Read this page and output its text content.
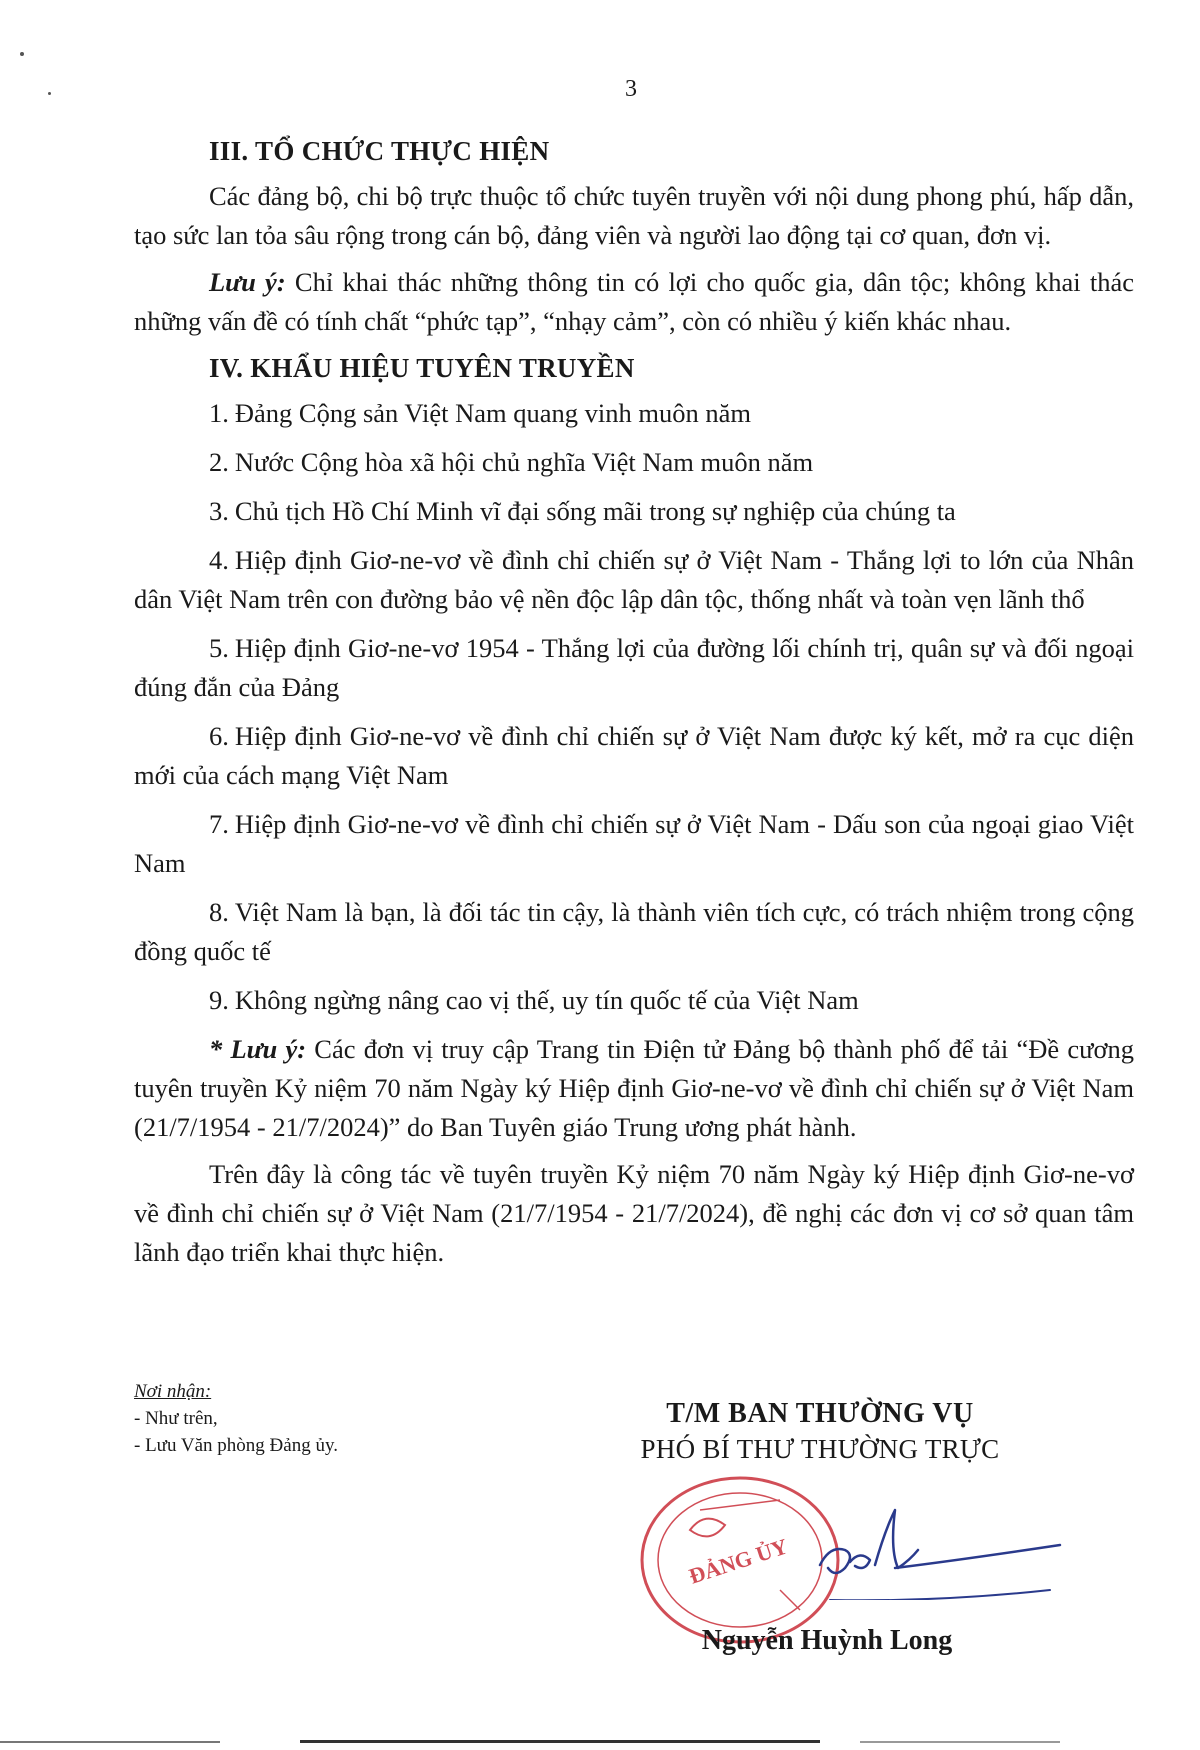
3
III. TỔ CHỨC THỰC HIỆN

Các đảng bộ, chi bộ trực thuộc tổ chức tuyên truyền với nội dung phong phú, hấp dẫn, tạo sức lan tỏa sâu rộng trong cán bộ, đảng viên và người lao động tại cơ quan, đơn vị.

Lưu ý: Chỉ khai thác những thông tin có lợi cho quốc gia, dân tộc; không khai thác những vấn đề có tính chất “phức tạp”, “nhạy cảm”, còn có nhiều ý kiến khác nhau.

IV. KHẨU HIỆU TUYÊN TRUYỀN
1. Đảng Cộng sản Việt Nam quang vinh muôn năm
2. Nước Cộng hòa xã hội chủ nghĩa Việt Nam muôn năm
3. Chủ tịch Hồ Chí Minh vĩ đại sống mãi trong sự nghiệp của chúng ta
4. Hiệp định Giơ-ne-vơ về đình chỉ chiến sự ở Việt Nam - Thắng lợi to lớn của Nhân dân Việt Nam trên con đường bảo vệ nền độc lập dân tộc, thống nhất và toàn vẹn lãnh thổ
5. Hiệp định Giơ-ne-vơ 1954 - Thắng lợi của đường lối chính trị, quân sự và đối ngoại đúng đắn của Đảng
6. Hiệp định Giơ-ne-vơ về đình chỉ chiến sự ở Việt Nam được ký kết, mở ra cục diện mới của cách mạng Việt Nam
7. Hiệp định Giơ-ne-vơ về đình chỉ chiến sự ở Việt Nam - Dấu son của ngoại giao Việt Nam
8. Việt Nam là bạn, là đối tác tin cậy, là thành viên tích cực, có trách nhiệm trong cộng đồng quốc tế
9. Không ngừng nâng cao vị thế, uy tín quốc tế của Việt Nam

* Lưu ý: Các đơn vị truy cập Trang tin Điện tử Đảng bộ thành phố để tải “Đề cương tuyên truyền Kỷ niệm 70 năm Ngày ký Hiệp định Giơ-ne-vơ về đình chỉ chiến sự ở Việt Nam (21/7/1954 - 21/7/2024)” do Ban Tuyên giáo Trung ương phát hành.

Trên đây là công tác về tuyên truyền Kỷ niệm 70 năm Ngày ký Hiệp định Giơ-ne-vơ về đình chỉ chiến sự ở Việt Nam (21/7/1954 - 21/7/2024), đề nghị các đơn vị cơ sở quan tâm lãnh đạo triển khai thực hiện.

Nơi nhận:
- Như trên,
- Lưu Văn phòng Đảng ủy.
T/M BAN THƯỜNG VỤ
PHÓ BÍ THƯ THƯỜNG TRỰC
ĐẢNG ỦY
Nguyễn Huỳnh Long
